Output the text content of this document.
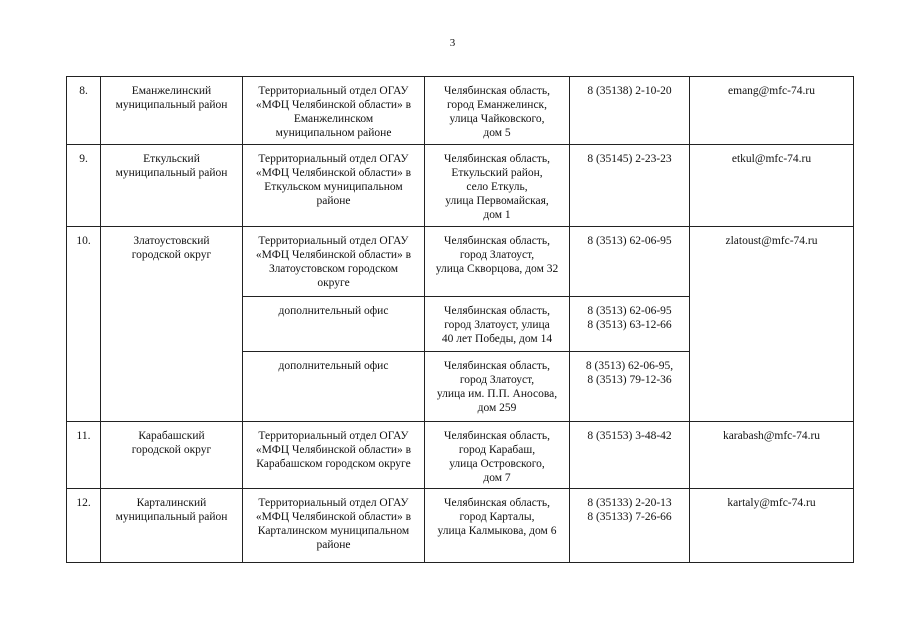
3
8.	Еманжелинский
муниципальный район	Территориальный отдел ОГАУ
«МФЦ Челябинской области» в
Еманжелинском
муниципальном районе	Челябинская область,
город Еманжелинск,
улица Чайковского,
дом 5	8 (35138) 2-10-20	emang@mfc-74.ru
9.	Еткульский
муниципальный район	Территориальный отдел ОГАУ
«МФЦ Челябинской области» в
Еткульском муниципальном
районе	Челябинская область,
Еткульский район,
село Еткуль,
улица Первомайская,
дом 1	8 (35145) 2-23-23	etkul@mfc-74.ru
10.	Златоустовский
городской округ	Территориальный отдел ОГАУ
«МФЦ Челябинской области» в
Златоустовском городском
округе	Челябинская область,
город Златоуст,
улица Скворцова, дом 32	8 (3513) 62-06-95	zlatoust@mfc-74.ru

		дополнительный офис	Челябинская область,
город Златоуст, улица
40 лет Победы, дом 14	8 (3513) 62-06-95
8 (3513) 63-12-66	

		дополнительный офис	Челябинская область,
город Златоуст,
улица им. П.П. Аносова,
дом 259	8 (3513) 62-06-95,
8 (3513) 79-12-36	

11.	Карабашский
городской округ	Территориальный отдел ОГАУ
«МФЦ Челябинской области» в
Карабашском городском округе	Челябинская область,
город Карабаш,
улица Островского,
дом 7	8 (35153) 3-48-42	karabash@mfc-74.ru
12.	Карталинский
муниципальный район	Территориальный отдел ОГАУ
«МФЦ Челябинской области» в
Карталинском муниципальном
районе	Челябинская область,
город Карталы,
улица Калмыкова, дом 6	8 (35133) 2-20-13
8 (35133) 7-26-66	kartaly@mfc-74.ru
